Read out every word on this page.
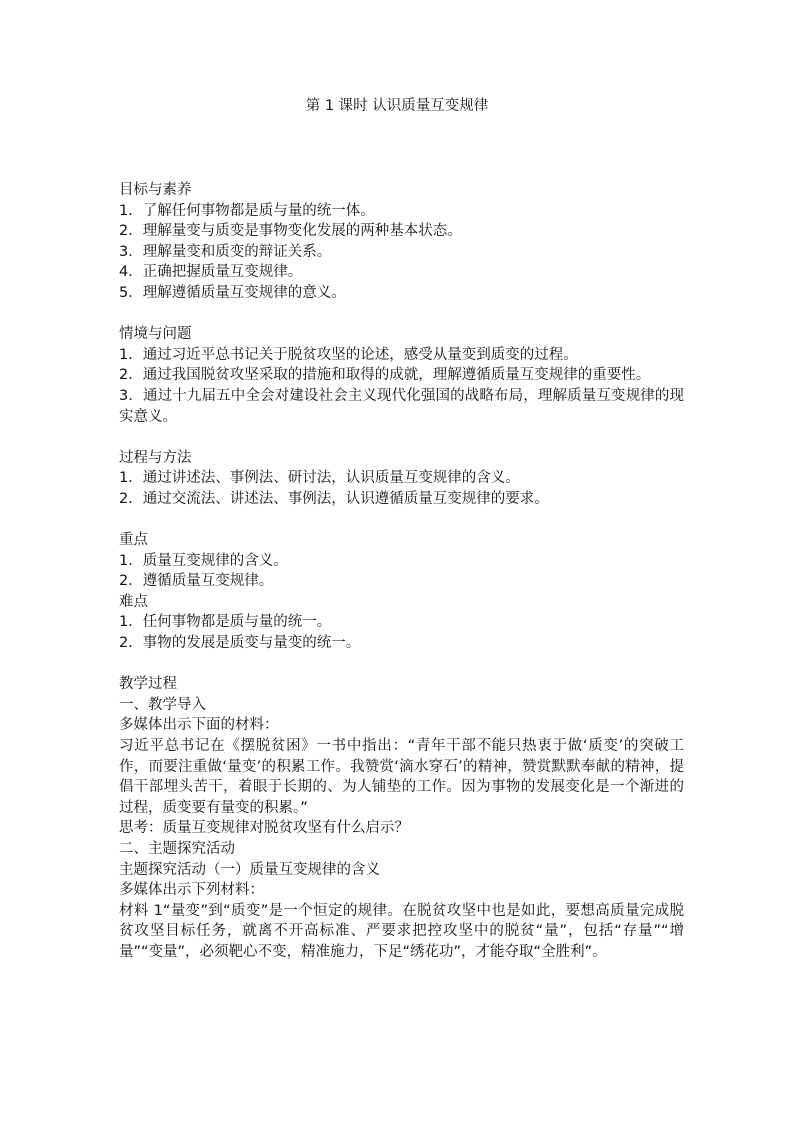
第 1 课时 认识质量互变规律

目标与素养

1．了解任何事物都是质与量的统一体。

2．理解量变与质变是事物变化发展的两种基本状态。

3．理解量变和质变的辩证关系。

4．正确把握质量互变规律。

5．理解遵循质量互变规律的意义。

情境与问题

1．通过习近平总书记关于脱贫攻坚的论述，感受从量变到质变的过程。

2．通过我国脱贫攻坚采取的措施和取得的成就，理解遵循质量互变规律的重要性。

3．通过十九届五中全会对建设社会主义现代化强国的战略布局，理解质量互变规律的现实意义。

过程与方法

1．通过讲述法、事例法、研讨法，认识质量互变规律的含义。

2．通过交流法、讲述法、事例法，认识遵循质量互变规律的要求。

重点

1．质量互变规律的含义。

2．遵循质量互变规律。

难点

1．任何事物都是质与量的统一。

2．事物的发展是质变与量变的统一。

教学过程

一、教学导入

多媒体出示下面的材料：

习近平总书记在《摆脱贫困》一书中指出：“青年干部不能只热衷于做‘质变’的突破工作，而要注重做‘量变’的积累工作。我赞赏‘滴水穿石’的精神，赞赏默默奉献的精神，提倡干部埋头苦干，着眼于长期的、为人铺垫的工作。因为事物的发展变化是一个渐进的过程，质变要有量变的积累。”

思考：质量互变规律对脱贫攻坚有什么启示？

二、主题探究活动

主题探究活动（一）质量互变规律的含义

多媒体出示下列材料：

材料 1“量变”到“质变”是一个恒定的规律。在脱贫攻坚中也是如此，要想高质量完成脱贫攻坚目标任务，就离不开高标准、严要求把控攻坚中的脱贫“量”，包括“存量”“增量”“变量”，必须靶心不变，精准施力，下足“绣花功”，才能夺取“全胜利”。
